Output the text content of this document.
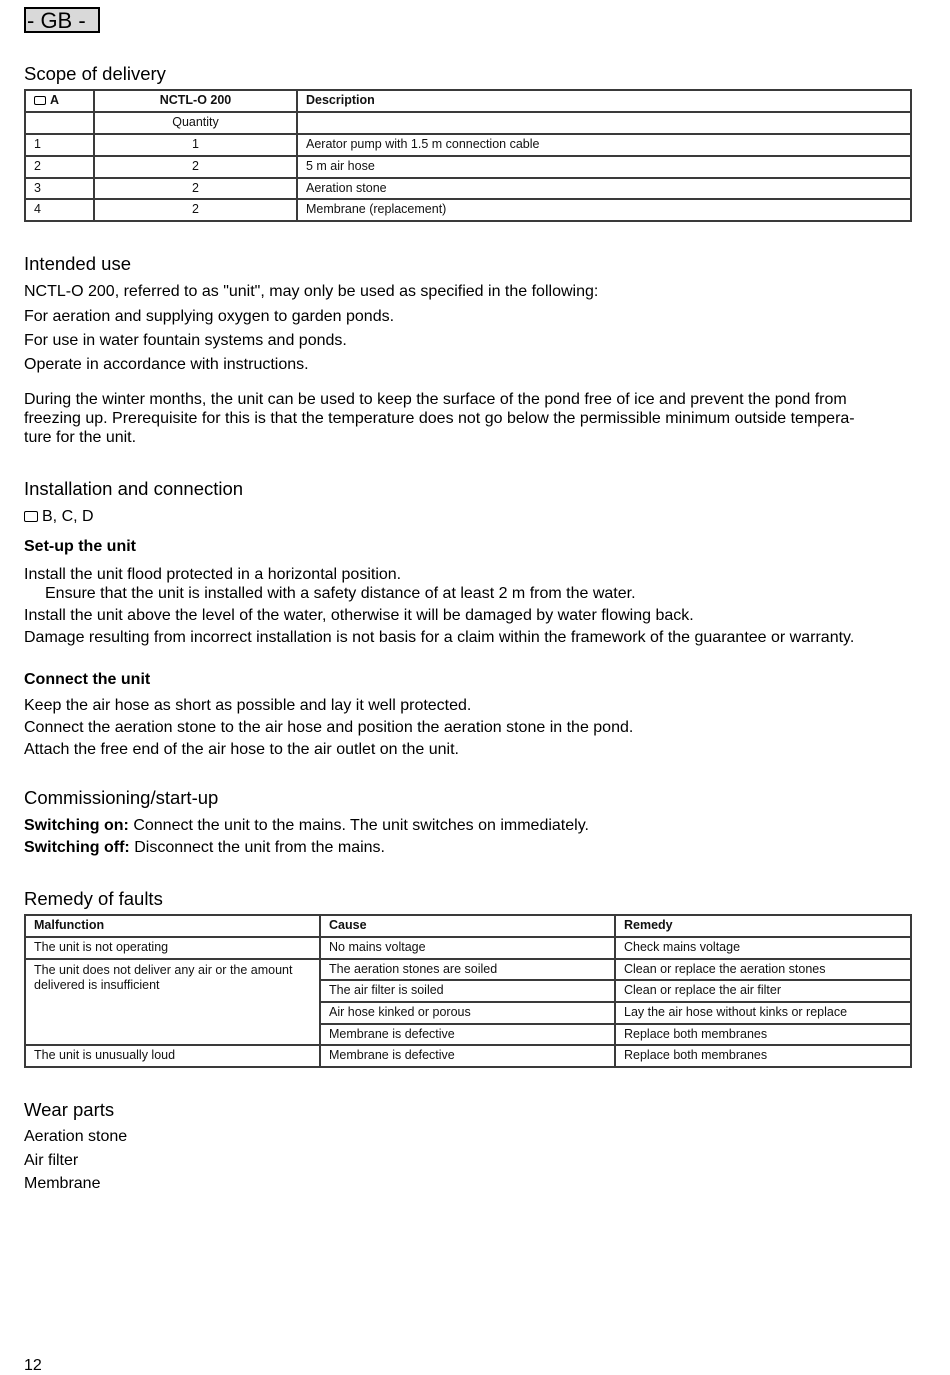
- GB -
Scope of delivery
A	NCTL-O 200	Description
Quantity
1	1	Aerator pump with 1.5 m connection cable
2	2	5 m air hose
3	2	Aeration stone
4	2	Membrane (replacement)
Intended use

NCTL-O 200, referred to as "unit", may only be used as specified in the following:

For aeration and supplying oxygen to garden ponds.

For use in water fountain systems and ponds.

Operate in accordance with instructions.

During the winter months, the unit can be used to keep the surface of the pond free of ice and prevent the pond from

freezing up. Prerequisite for this is that the temperature does not go below the permissible minimum outside tempera-

ture for the unit.

Installation and connection

B, C, D

Set-up the unit

Install the unit flood protected in a horizontal position.

Ensure that the unit is installed with a safety distance of at least 2 m from the water.

Install the unit above the level of the water, otherwise it will be damaged by water flowing back.

Damage resulting from incorrect installation is not basis for a claim within the framework of the guarantee or warranty.

Connect the unit

Keep the air hose as short as possible and lay it well protected.

Connect the aeration stone to the air hose and position the aeration stone in the pond.

Attach the free end of the air hose to the air outlet on the unit.

Commissioning/start-up

Switching on: Connect the unit to the mains. The unit switches on immediately.

Switching off: Disconnect the unit from the mains.

Remedy of faults
Malfunction	Cause	Remedy
The unit is not operating	No mains voltage	Check mains voltage
The unit does not deliver any air or the amount delivered is insufficient
The aeration stones are soiled	Clean or replace the aeration stones
The air filter is soiled	Clean or replace the air filter
Air hose kinked or porous	Lay the air hose without kinks or replace
Membrane is defective	Replace both membranes
The unit is unusually loud	Membrane is defective	Replace both membranes
Wear parts

Aeration stone

Air filter

Membrane

12
